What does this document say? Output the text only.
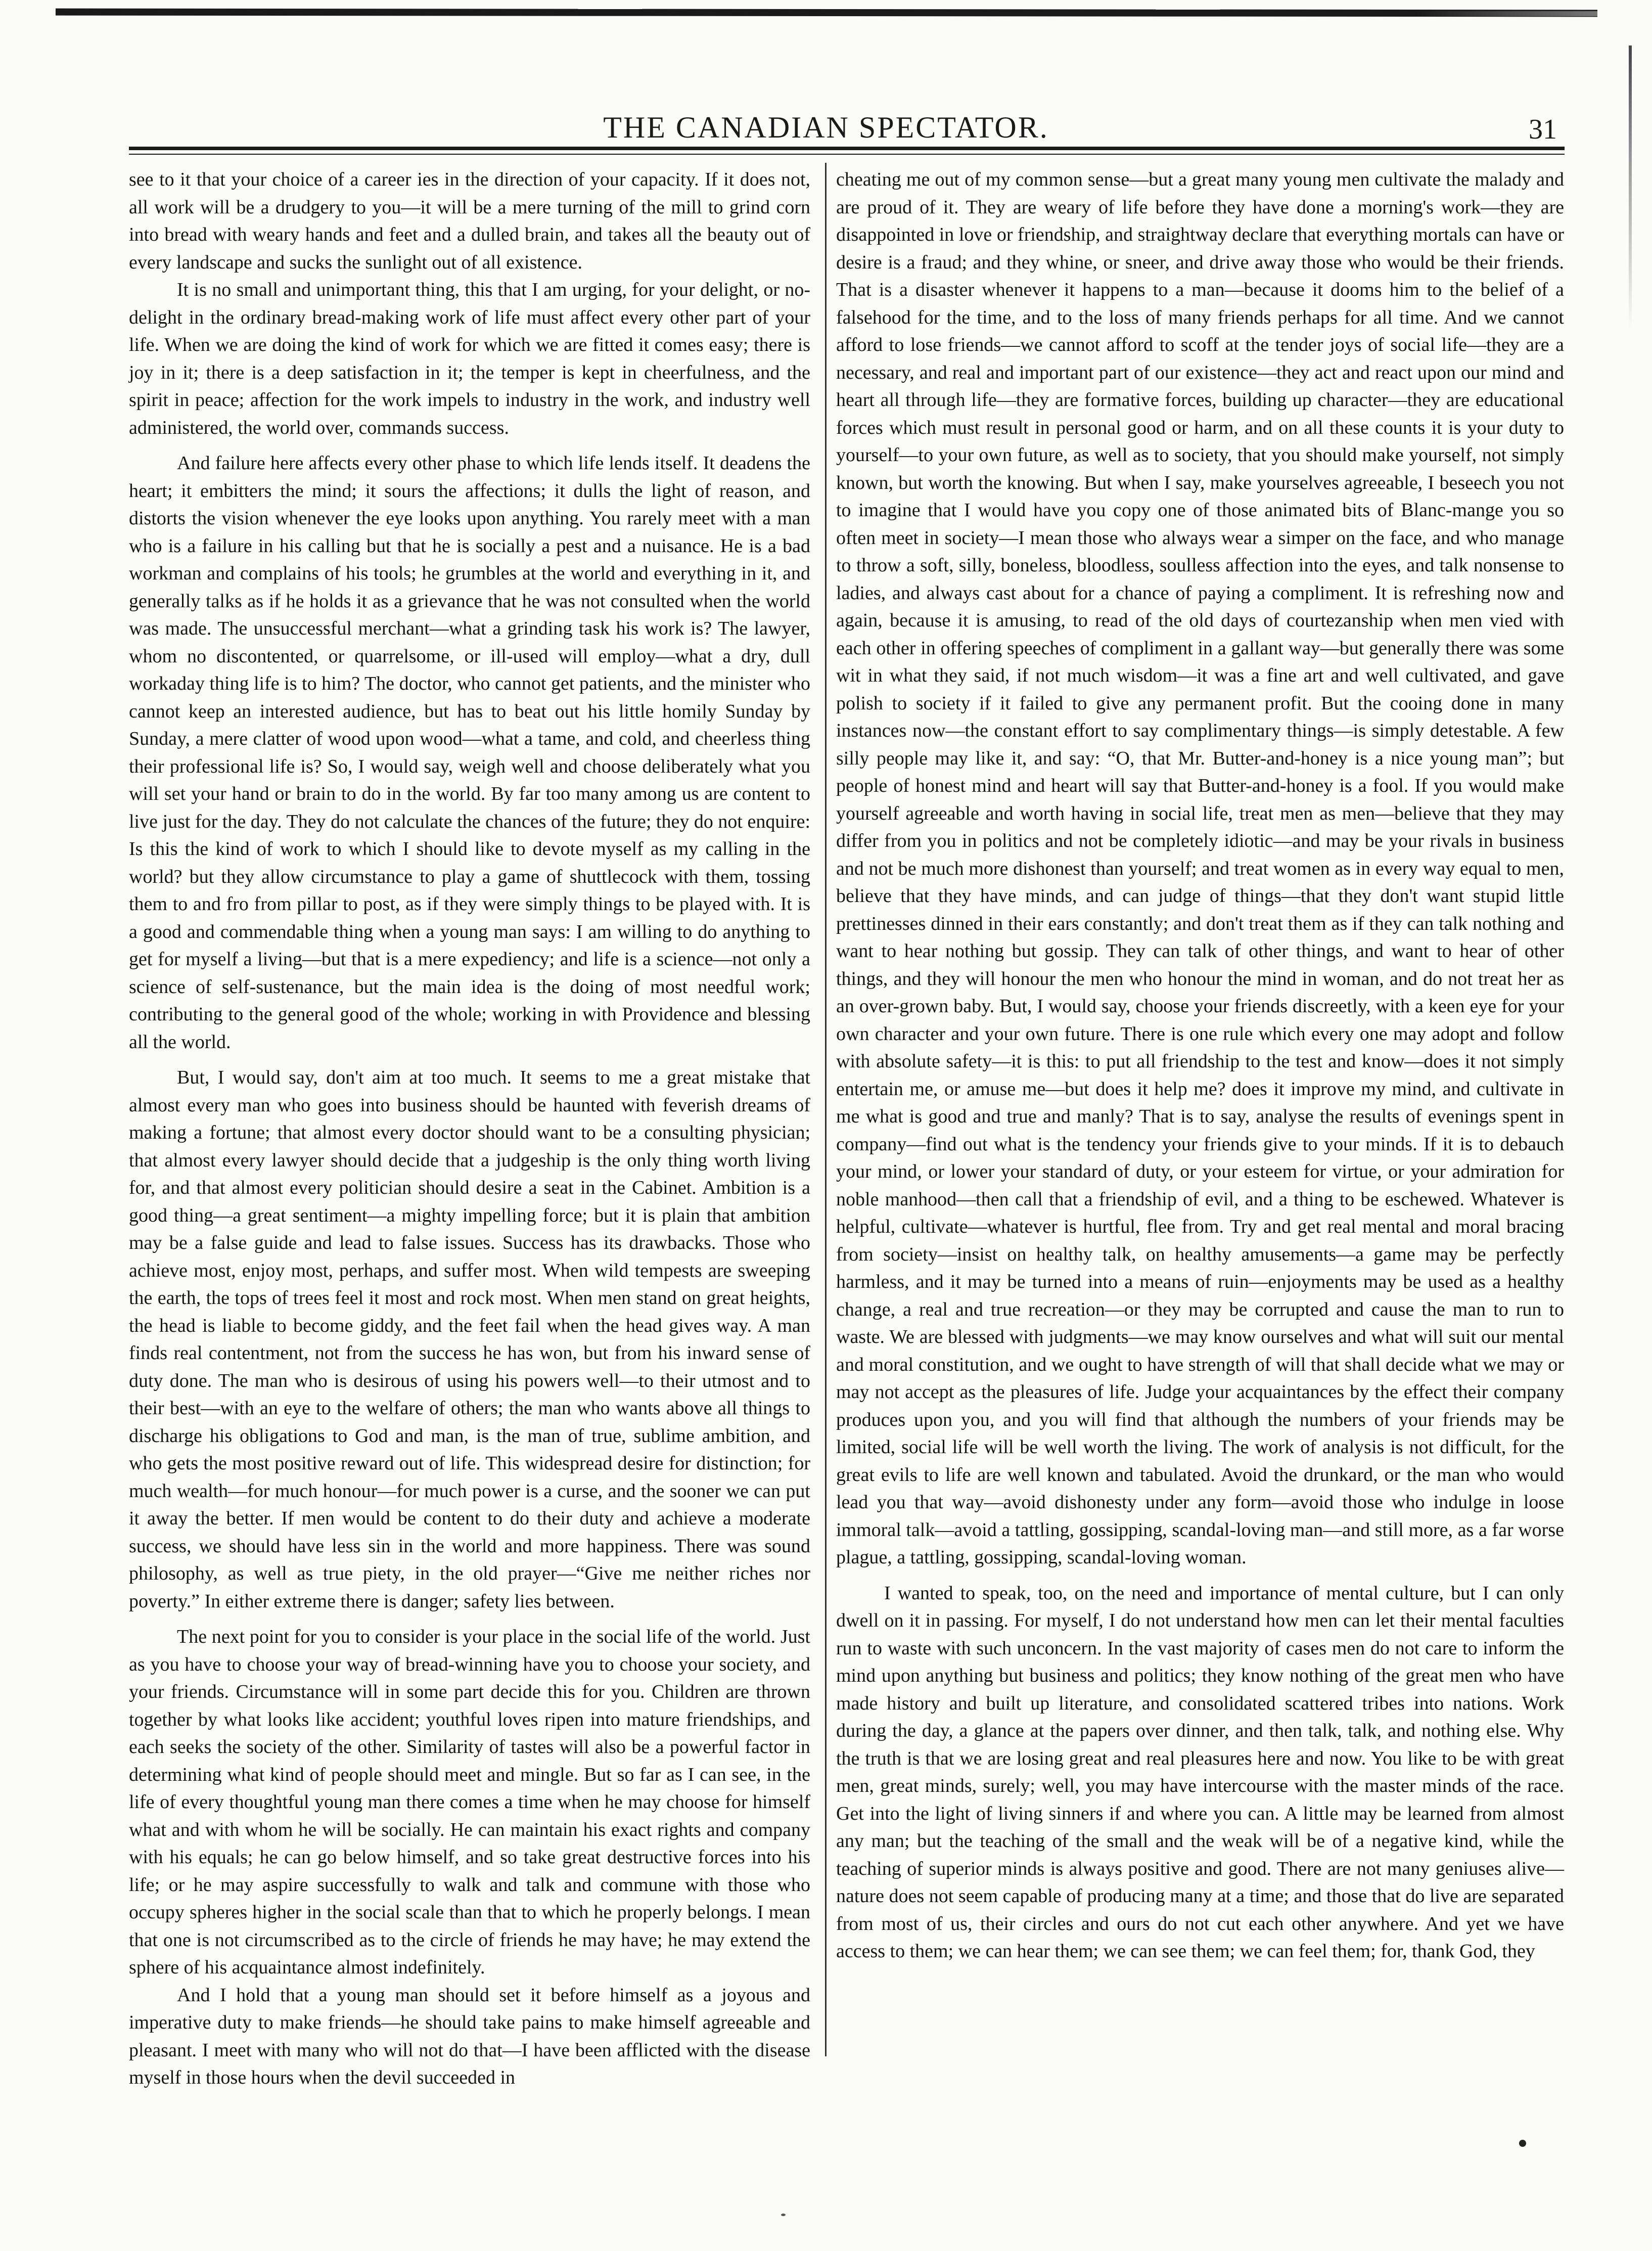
THE CANADIAN SPECTATOR.	31

see to it that your choice of a career ies in the direction of your capacity. If it does not, all work will be a drudgery to you—it will be a mere turning of the mill to grind corn into bread with weary hands and feet and a dulled brain, and takes all the beauty out of every landscape and sucks the sunlight out of all existence.

It is no small and unimportant thing, this that I am urging, for your delight, or no-delight in the ordinary bread-making work of life must affect every other part of your life. When we are doing the kind of work for which we are fitted it comes easy; there is joy in it; there is a deep satisfaction in it; the temper is kept in cheerfulness, and the spirit in peace; affection for the work impels to industry in the work, and industry well administered, the world over, commands success.

And failure here affects every other phase to which life lends itself. It deadens the heart; it embitters the mind; it sours the affections; it dulls the light of reason, and distorts the vision whenever the eye looks upon anything. You rarely meet with a man who is a failure in his calling but that he is socially a pest and a nuisance. He is a bad workman and complains of his tools; he grumbles at the world and everything in it, and generally talks as if he holds it as a grievance that he was not consulted when the world was made. The unsuccessful merchant—what a grinding task his work is? The lawyer, whom no discontented, or quarrelsome, or ill-used will employ—what a dry, dull workaday thing life is to him? The doctor, who cannot get patients, and the minister who cannot keep an interested audience, but has to beat out his little homily Sunday by Sunday, a mere clatter of wood upon wood—what a tame, and cold, and cheerless thing their professional life is? So, I would say, weigh well and choose deliberately what you will set your hand or brain to do in the world. By far too many among us are content to live just for the day. They do not calculate the chances of the future; they do not enquire: Is this the kind of work to which I should like to devote myself as my calling in the world? but they allow circumstance to play a game of shuttlecock with them, tossing them to and fro from pillar to post, as if they were simply things to be played with. It is a good and commendable thing when a young man says: I am willing to do anything to get for myself a living—but that is a mere expediency; and life is a science—not only a science of self-sustenance, but the main idea is the doing of most needful work; contributing to the general good of the whole; working in with Providence and blessing all the world.

But, I would say, don't aim at too much. It seems to me a great mistake that almost every man who goes into business should be haunted with feverish dreams of making a fortune; that almost every doctor should want to be a consulting physician; that almost every lawyer should decide that a judgeship is the only thing worth living for, and that almost every politician should desire a seat in the Cabinet. Ambition is a good thing—a great sentiment—a mighty impelling force; but it is plain that ambition may be a false guide and lead to false issues. Success has its drawbacks. Those who achieve most, enjoy most, perhaps, and suffer most. When wild tempests are sweeping the earth, the tops of trees feel it most and rock most. When men stand on great heights, the head is liable to become giddy, and the feet fail when the head gives way. A man finds real contentment, not from the success he has won, but from his inward sense of duty done. The man who is desirous of using his powers well—to their utmost and to their best—with an eye to the welfare of others; the man who wants above all things to discharge his obligations to God and man, is the man of true, sublime ambition, and who gets the most positive reward out of life. This widespread desire for distinction; for much wealth—for much honour—for much power is a curse, and the sooner we can put it away the better. If men would be content to do their duty and achieve a moderate success, we should have less sin in the world and more happiness. There was sound philosophy, as well as true piety, in the old prayer—“Give me neither riches nor poverty.” In either extreme there is danger; safety lies between.

The next point for you to consider is your place in the social life of the world. Just as you have to choose your way of bread-winning have you to choose your society, and your friends. Circumstance will in some part decide this for you. Children are thrown together by what looks like accident; youthful loves ripen into mature friendships, and each seeks the society of the other. Similarity of tastes will also be a powerful factor in determining what kind of people should meet and mingle. But so far as I can see, in the life of every thoughtful young man there comes a time when he may choose for himself what and with whom he will be socially. He can maintain his exact rights and company with his equals; he can go below himself, and so take great destructive forces into his life; or he may aspire successfully to walk and talk and commune with those who occupy spheres higher in the social scale than that to which he properly belongs. I mean that one is not circumscribed as to the circle of friends he may have; he may extend the sphere of his acquaintance almost indefinitely.

And I hold that a young man should set it before himself as a joyous and imperative duty to make friends—he should take pains to make himself agreeable and pleasant. I meet with many who will not do that—I have been afflicted with the disease myself in those hours when the devil succeeded in

cheating me out of my common sense—but a great many young men cultivate the malady and are proud of it. They are weary of life before they have done a morning's work—they are disappointed in love or friendship, and straightway declare that everything mortals can have or desire is a fraud; and they whine, or sneer, and drive away those who would be their friends. That is a disaster whenever it happens to a man—because it dooms him to the belief of a falsehood for the time, and to the loss of many friends perhaps for all time. And we cannot afford to lose friends—we cannot afford to scoff at the tender joys of social life—they are a necessary, and real and important part of our existence—they act and react upon our mind and heart all through life—they are formative forces, building up character—they are educational forces which must result in personal good or harm, and on all these counts it is your duty to yourself—to your own future, as well as to society, that you should make yourself, not simply known, but worth the knowing. But when I say, make yourselves agreeable, I beseech you not to imagine that I would have you copy one of those animated bits of Blanc-mange you so often meet in society—I mean those who always wear a simper on the face, and who manage to throw a soft, silly, boneless, bloodless, soulless affection into the eyes, and talk nonsense to ladies, and always cast about for a chance of paying a compliment. It is refreshing now and again, because it is amusing, to read of the old days of courtezanship when men vied with each other in offering speeches of compliment in a gallant way—but generally there was some wit in what they said, if not much wisdom—it was a fine art and well cultivated, and gave polish to society if it failed to give any permanent profit. But the cooing done in many instances now—the constant effort to say complimentary things—is simply detestable. A few silly people may like it, and say: “O, that Mr. Butter-and-honey is a nice young man”; but people of honest mind and heart will say that Butter-and-honey is a fool. If you would make yourself agreeable and worth having in social life, treat men as men—believe that they may differ from you in politics and not be completely idiotic—and may be your rivals in business and not be much more dishonest than yourself; and treat women as in every way equal to men, believe that they have minds, and can judge of things—that they don't want stupid little prettinesses dinned in their ears constantly; and don't treat them as if they can talk nothing and want to hear nothing but gossip. They can talk of other things, and want to hear of other things, and they will honour the men who honour the mind in woman, and do not treat her as an over-grown baby. But, I would say, choose your friends discreetly, with a keen eye for your own character and your own future. There is one rule which every one may adopt and follow with absolute safety—it is this: to put all friendship to the test and know—does it not simply entertain me, or amuse me—but does it help me? does it improve my mind, and cultivate in me what is good and true and manly? That is to say, analyse the results of evenings spent in company—find out what is the tendency your friends give to your minds. If it is to debauch your mind, or lower your standard of duty, or your esteem for virtue, or your admiration for noble manhood—then call that a friendship of evil, and a thing to be eschewed. Whatever is helpful, cultivate—whatever is hurtful, flee from. Try and get real mental and moral bracing from society—insist on healthy talk, on healthy amusements—a game may be perfectly harmless, and it may be turned into a means of ruin—enjoyments may be used as a healthy change, a real and true recreation—or they may be corrupted and cause the man to run to waste. We are blessed with judgments—we may know ourselves and what will suit our mental and moral constitution, and we ought to have strength of will that shall decide what we may or may not accept as the pleasures of life. Judge your acquaintances by the effect their company produces upon you, and you will find that although the numbers of your friends may be limited, social life will be well worth the living. The work of analysis is not difficult, for the great evils to life are well known and tabulated. Avoid the drunkard, or the man who would lead you that way—avoid dishonesty under any form—avoid those who indulge in loose immoral talk—avoid a tattling, gossipping, scandal-loving man—and still more, as a far worse plague, a tattling, gossipping, scandal-loving woman.

I wanted to speak, too, on the need and importance of mental culture, but I can only dwell on it in passing. For myself, I do not understand how men can let their mental faculties run to waste with such unconcern. In the vast majority of cases men do not care to inform the mind upon anything but business and politics; they know nothing of the great men who have made history and built up literature, and consolidated scattered tribes into nations. Work during the day, a glance at the papers over dinner, and then talk, talk, and nothing else. Why the truth is that we are losing great and real pleasures here and now. You like to be with great men, great minds, surely; well, you may have intercourse with the master minds of the race. Get into the light of living sinners if and where you can. A little may be learned from almost any man; but the teaching of the small and the weak will be of a negative kind, while the teaching of superior minds is always positive and good. There are not many geniuses alive—nature does not seem capable of producing many at a time; and those that do live are separated from most of us, their circles and ours do not cut each other anywhere. And yet we have access to them; we can hear them; we can see them; we can feel them; for, thank God, they
